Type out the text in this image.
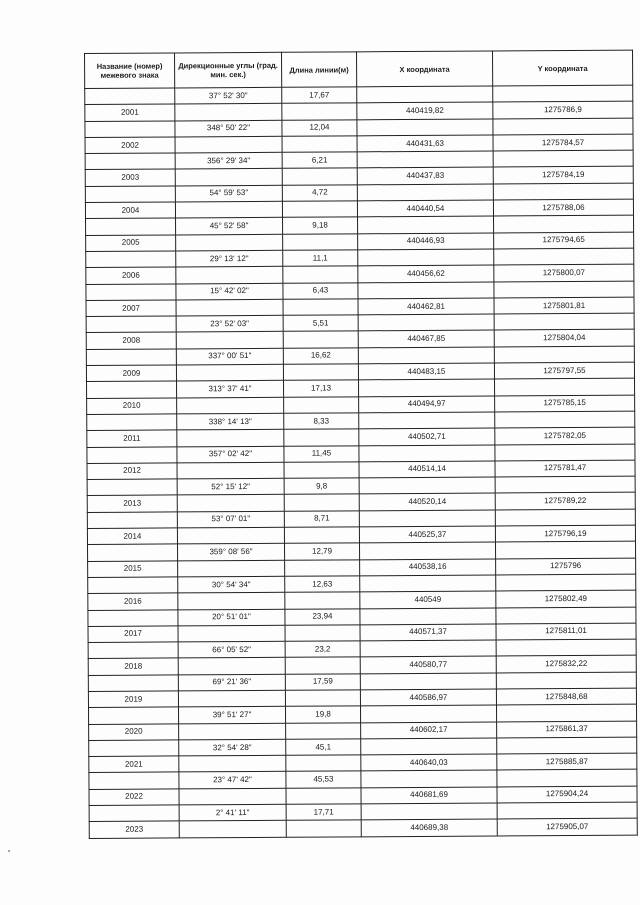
Название (номер) межевого знака	Дирекционные углы (град. мин. сек.)	Длина линии(м)	X координата	Y координата
	37° 52' 30"	17,67		
2001			440419,82	1275786,9
	348° 50' 22"	12,04		
2002			440431,63	1275784,57
	356° 29' 34"	6,21		
2003			440437,83	1275784,19
	54° 59' 53"	4,72		
2004			440440,54	1275788,06
	45° 52' 58"	9,18		
2005			440446,93	1275794,65
	29° 13' 12"	11,1		
2006			440456,62	1275800,07
	15° 42' 02"	6,43		
2007			440462,81	1275801,81
	23° 52' 03"	5,51		
2008			440467,85	1275804,04
	337° 00' 51"	16,62		
2009			440483,15	1275797,55
	313° 37' 41"	17,13		
2010			440494,97	1275785,15
	338° 14' 13"	8,33		
2011			440502,71	1275782,05
	357° 02' 42"	11,45		
2012			440514,14	1275781,47
	52° 15' 12"	9,8		
2013			440520,14	1275789,22
	53° 07' 01"	8,71		
2014			440525,37	1275796,19
	359° 08' 56"	12,79		
2015			440538,16	1275796
	30° 54' 34"	12,63		
2016			440549	1275802,49
	20° 51' 01"	23,94		
2017			440571,37	1275811,01
	66° 05' 52"	23,2		
2018			440580,77	1275832,22
	69° 21' 36"	17,59		
2019			440586,97	1275848,68
	39° 51' 27"	19,8		
2020			440602,17	1275861,37
	32° 54' 28"	45,1		
2021			440640,03	1275885,87
	23° 47' 42"	45,53		
2022			440681,69	1275904,24
	2° 41' 11"	17,71		
2023			440689,38	1275905,07
